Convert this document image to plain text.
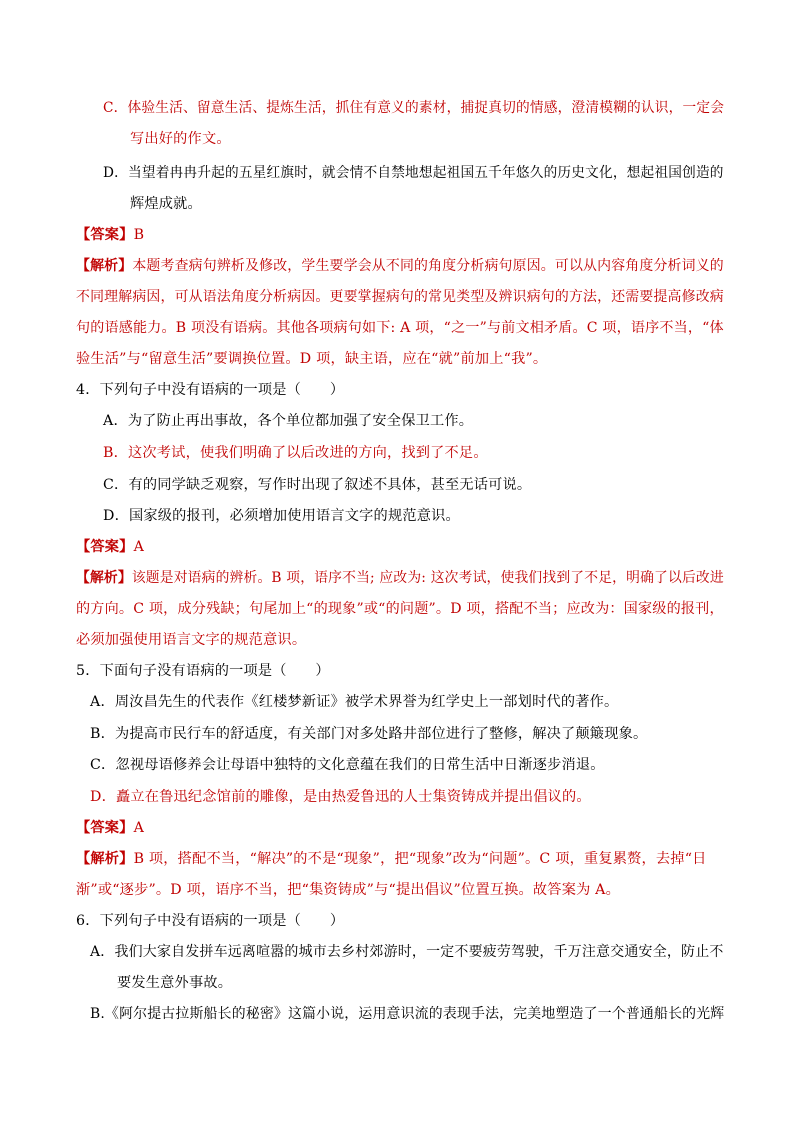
C．体验生活、留意生活、提炼生活，抓住有意义的素材，捕捉真切的情感，澄清模糊的认识，一定会
写出好的作文。
D．当望着冉冉升起的五星红旗时，就会情不自禁地想起祖国五千年悠久的历史文化，想起祖国创造的
辉煌成就。
【答案】B
【解析】本题考查病句辨析及修改，学生要学会从不同的角度分析病句原因。可以从内容角度分析词义的
不同理解病因，可从语法角度分析病因。更要掌握病句的常见类型及辨识病句的方法，还需要提高修改病
句的语感能力。B 项没有语病。其他各项病句如下: A 项，“之一”与前文相矛盾。C 项，语序不当，“体
验生活”与“留意生活”要调换位置。D 项，缺主语，应在“就”前加上“我”。
4．下列句子中没有语病的一项是（　　）
A．为了防止再出事故，各个单位都加强了安全保卫工作。
B．这次考试，使我们明确了以后改进的方向，找到了不足。
C．有的同学缺乏观察，写作时出现了叙述不具体，甚至无话可说。
D．国家级的报刊，必须增加使用语言文字的规范意识。
【答案】A
【解析】该题是对语病的辨析。B 项，语序不当; 应改为: 这次考试，使我们找到了不足，明确了以后改进
的方向。C 项，成分残缺；句尾加上“的现象”或“的问题”。D 项，搭配不当；应改为：国家级的报刊，
必须加强使用语言文字的规范意识。
5．下面句子没有语病的一项是（　　）
A．周汝昌先生的代表作《红楼梦新证》被学术界誉为红学史上一部划时代的著作。
B．为提高市民行车的舒适度，有关部门对多处路井部位进行了整修，解决了颠簸现象。
C．忽视母语修养会让母语中独特的文化意蕴在我们的日常生活中日渐逐步消退。
D．矗立在鲁迅纪念馆前的雕像，是由热爱鲁迅的人士集资铸成并提出倡议的。
【答案】A
【解析】B 项，搭配不当，“解决”的不是“现象”，把“现象”改为“问题”。C 项，重复累赘，去掉“日
渐”或“逐步”。D 项，语序不当，把“集资铸成”与“提出倡议”位置互换。故答案为 A。
6．下列句子中没有语病的一项是（　　）
A．我们大家自发拼车远离喧嚣的城市去乡村郊游时，一定不要疲劳驾驶，千万注意交通安全，防止不
要发生意外事故。
B.《阿尔提古拉斯船长的秘密》这篇小说，运用意识流的表现手法，完美地塑造了一个普通船长的光辉
